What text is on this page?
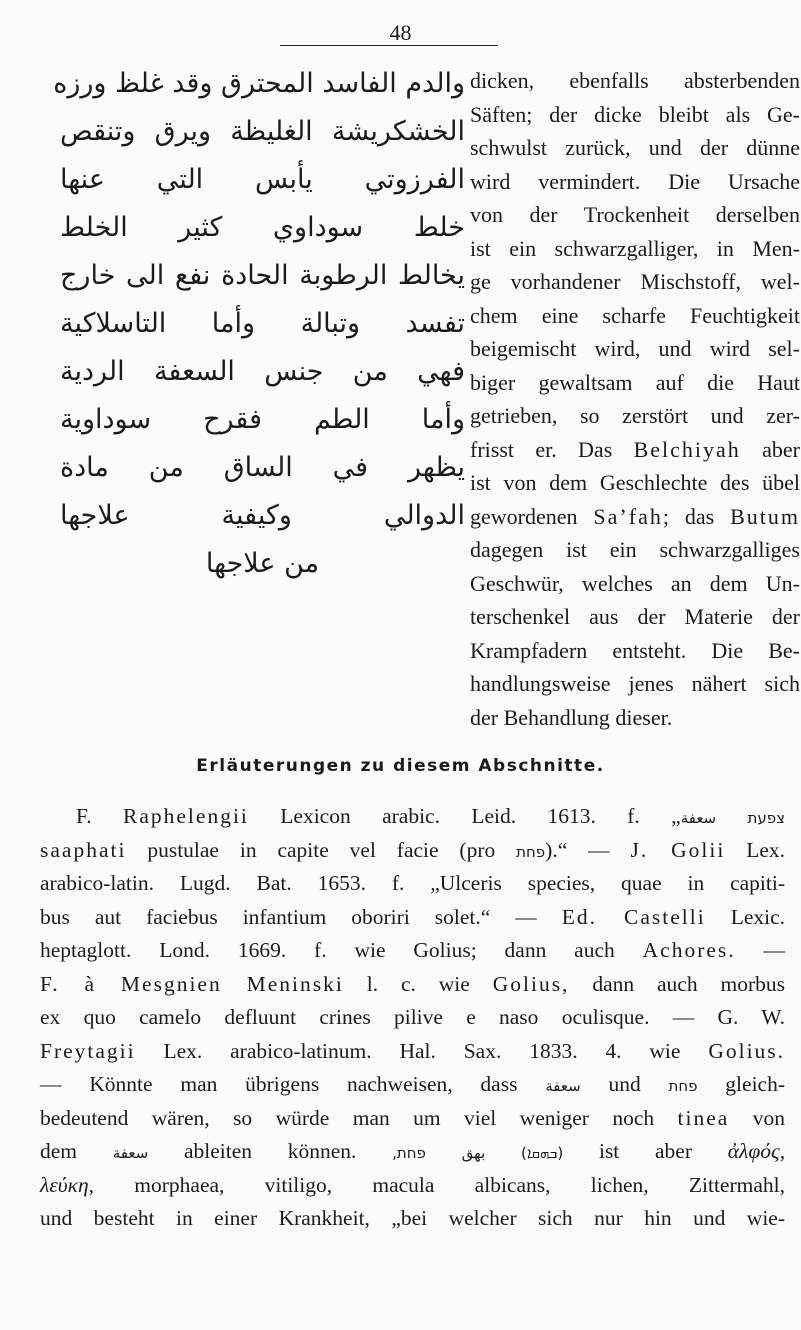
48
والدم الفاسد المحترق وقد غلظ ورزه
الخشكريشة الغليظة ويرق وتنقص
الفرزوتي يأبس التي عنها
خلط سوداوي كثير الخلط
يخالط الرطوبة الحادة نفع الى خارج
تفسد وتبالة وأما التاسلاكية
فهي من جنس السعفة الردية
وأما الطم فقرح سوداوية
يظهر في الساق من مادة
الدوالي وكيفية علاجها
من علاجها
dicken, ebenfalls absterbenden
Säften; der dicke bleibt als Ge-
schwulst zurück, und der dünne
wird vermindert. Die Ursache
von der Trockenheit derselben
ist ein schwarzgalliger, in Men-
ge vorhandener Mischstoff, wel-
chem eine scharfe Feuchtigkeit
beigemischt wird, und wird sel-
biger gewaltsam auf die Haut
getrieben, so zerstört und zer-
frisst er. Das Belchiyah aber
ist von dem Geschlechte des übel
gewordenen Sa’fah; das Butum
dagegen ist ein schwarzgalliges
Geschwür, welches an dem Un-
terschenkel aus der Materie der
Krampfadern entsteht. Die Be-
handlungsweise jenes nähert sich
der Behandlung dieser.
Erläuterungen zu diesem Abschnitte.
F. Raphelengii Lexicon arabic. Leid. 1613. f. „سعفة צפעת
saaphati pustulae in capite vel facie (pro פחת).“ — J. Golii Lex.
arabico-latin. Lugd. Bat. 1653. f. „Ulceris species, quae in capiti-
bus aut faciebus infantium oboriri solet.“ — Ed. Castelli Lexic.
heptaglott. Lond. 1669. f. wie Golius; dann auch Achores. —
F. à Mesgnien Meninski l. c. wie Golius, dann auch morbus
ex quo camelo defluunt crines pilive e naso oculisque. — G. W.
Freytagii Lex. arabico-latinum. Hal. Sax. 1833. 4. wie Golius.
— Könnte man übrigens nachweisen, dass سعفة und פחת gleich-
bedeutend wären, so würde man um viel weniger noch tinea von
dem سعفة ableiten können. פחת, بهق (ܒܗܩܐ) ist aber ἀλφός,
λεύκη, morphaea, vitiligo, macula albicans, lichen, Zittermahl,
und besteht in einer Krankheit, „bei welcher sich nur hin und wie-
